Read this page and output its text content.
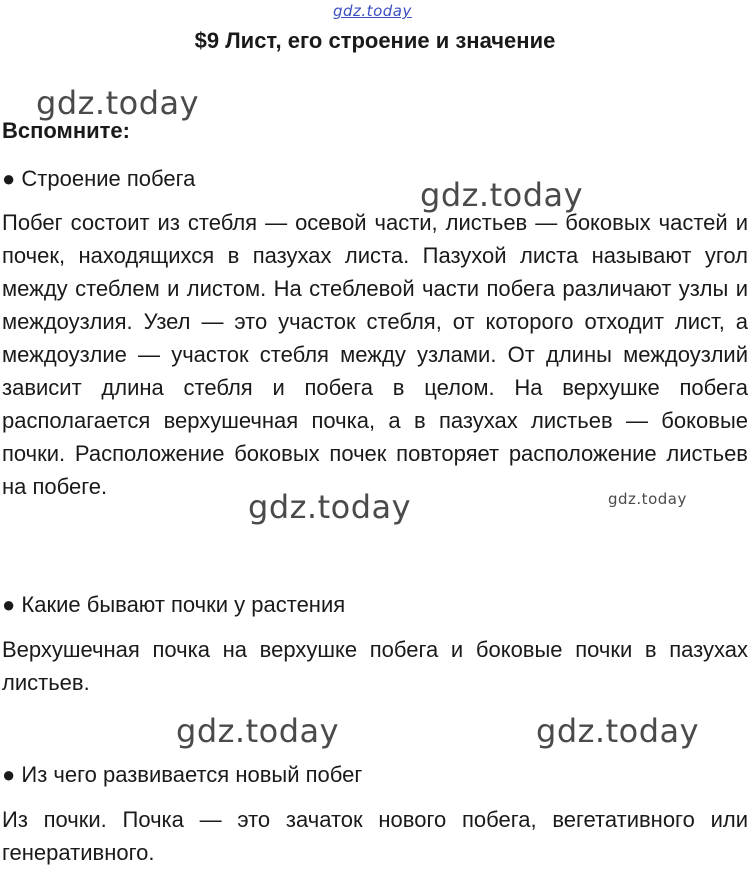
gdz.today
$9 Лист, его строение и значение
gdz.today
Вспомните:
● Строение побега	gdz.today
Побег состоит из стебля — осевой части, листьев — боковых частей и почек, находящихся в пазухах листа. Пазухой листа называют угол между стеблем и листом. На стеблевой части побега различают узлы и междоузлия. Узел — это участок стебля, от которого отходит лист, а междоузлие — участок стебля между узлами. От длины междоузлий зависит длина стебля и побега в целом. На верхушке побега располагается верхушечная почка, а в пазухах листьев — боковые почки. Расположение боковых почек повторяет расположение листьев на побеге.	gdz.today
gdz.today
● Какие бывают почки у растения
Верхушечная почка на верхушке побега и боковые почки в пазухах листьев.
gdz.today	gdz.today
● Из чего развивается новый побег
Из почки. Почка — это зачаток нового побега, вегетативного или генеративного.
